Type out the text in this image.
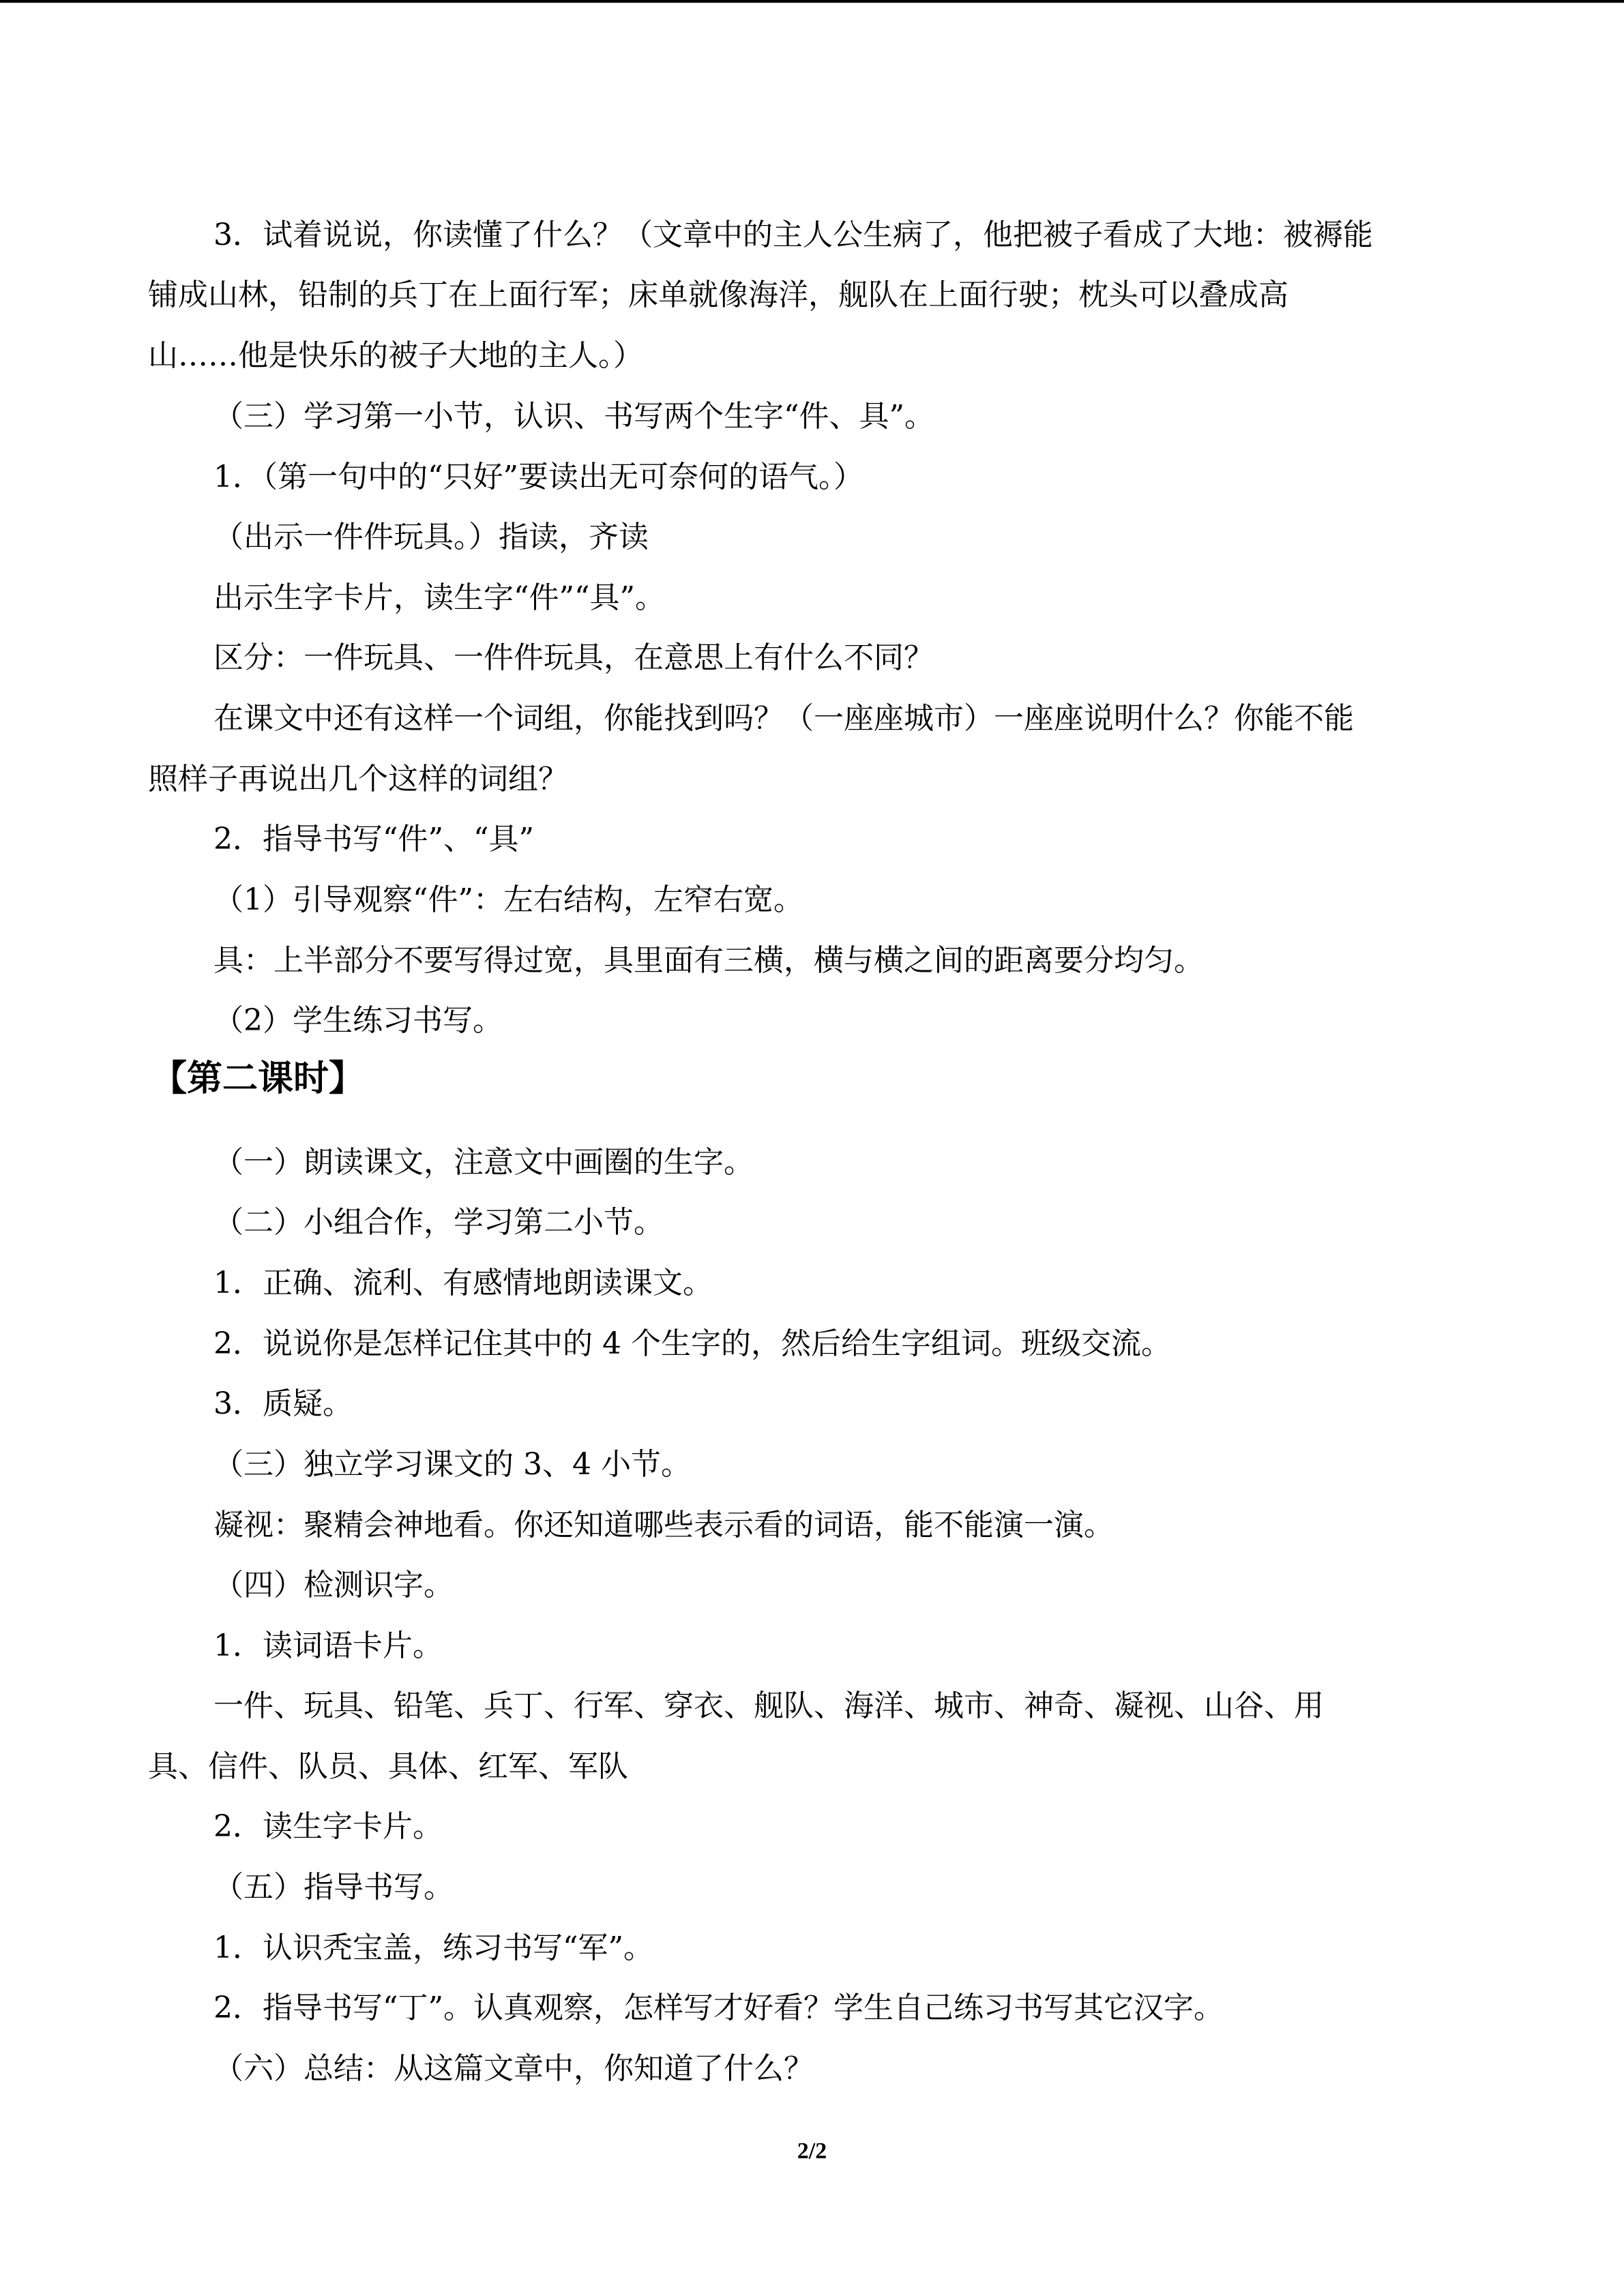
3．试着说说，你读懂了什么？（文章中的主人公生病了，他把被子看成了大地：被褥能

铺成山林，铅制的兵丁在上面行军；床单就像海洋，舰队在上面行驶；枕头可以叠成高

山……他是快乐的被子大地的主人。）

（三）学习第一小节，认识、书写两个生字“件、具”。

1．（第一句中的“只好”要读出无可奈何的语气。）

（出示一件件玩具。）指读，齐读

出示生字卡片，读生字“件”“具”。

区分：一件玩具、一件件玩具，在意思上有什么不同？

在课文中还有这样一个词组，你能找到吗？（一座座城市）一座座说明什么？你能不能

照样子再说出几个这样的词组？

2．指导书写“件”、“具”

（1）引导观察“件”：左右结构，左窄右宽。

具：上半部分不要写得过宽，具里面有三横，横与横之间的距离要分均匀。

（2）学生练习书写。

【第二课时】

（一）朗读课文，注意文中画圈的生字。

（二）小组合作，学习第二小节。

1．正确、流利、有感情地朗读课文。

2．说说你是怎样记住其中的 4 个生字的，然后给生字组词。班级交流。

3．质疑。

（三）独立学习课文的 3、4 小节。

凝视：聚精会神地看。你还知道哪些表示看的词语，能不能演一演。

（四）检测识字。

1．读词语卡片。

一件、玩具、铅笔、兵丁、行军、穿衣、舰队、海洋、城市、神奇、凝视、山谷、用

具、信件、队员、具体、红军、军队

2．读生字卡片。

（五）指导书写。

1．认识秃宝盖，练习书写“军”。

2．指导书写“丁”。认真观察，怎样写才好看？学生自己练习书写其它汉字。

（六）总结：从这篇文章中，你知道了什么？

2/2
